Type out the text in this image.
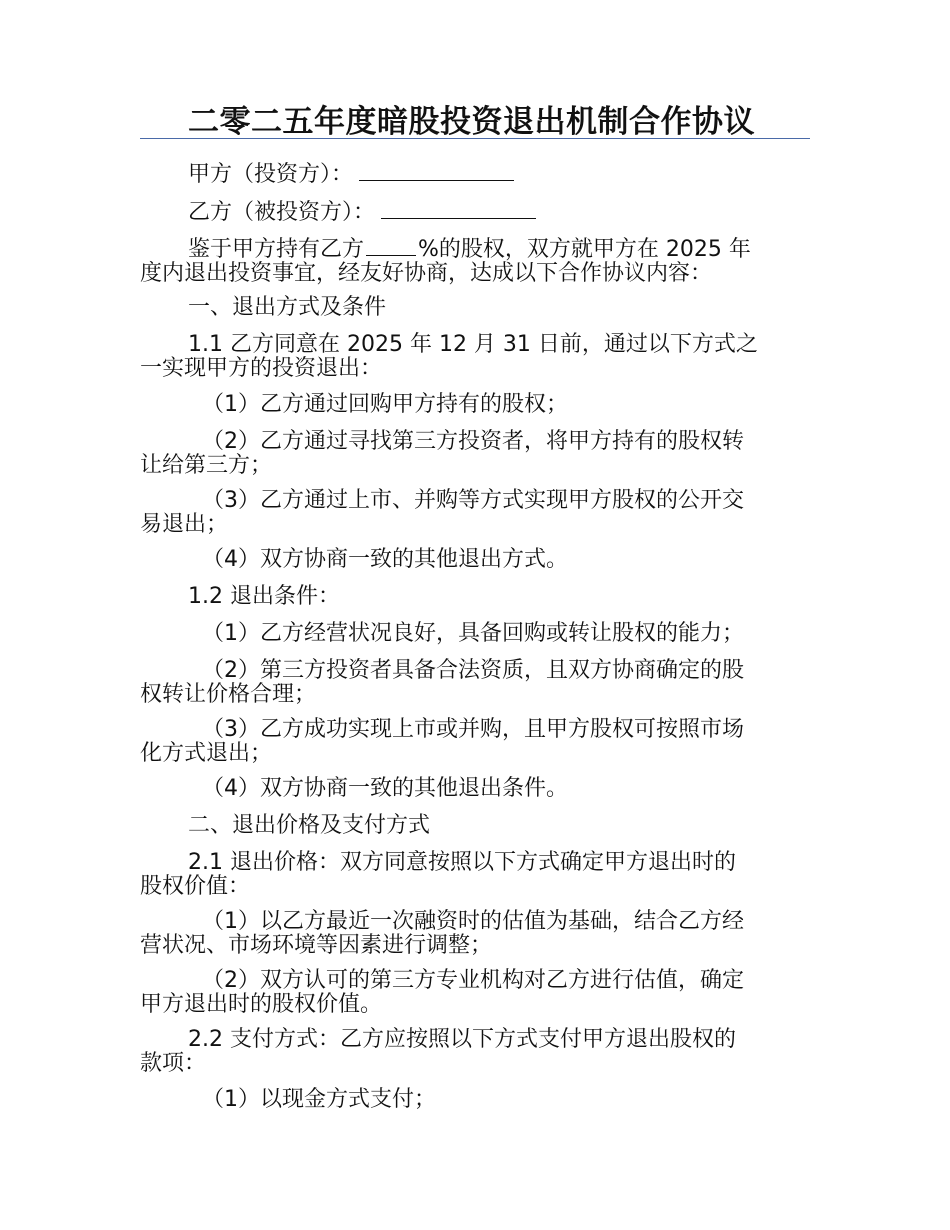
二零二五年度暗股投资退出机制合作协议
甲方（投资方）：
乙方（被投资方）：
鉴于甲方持有乙方 %的股权，双方就甲方在 2025 年
度内退出投资事宜，经友好协商，达成以下合作协议内容：
一、退出方式及条件
1.1 乙方同意在 2025 年 12 月 31 日前，通过以下方式之
一实现甲方的投资退出：
（1）乙方通过回购甲方持有的股权；
（2）乙方通过寻找第三方投资者，将甲方持有的股权转
让给第三方；
（3）乙方通过上市、并购等方式实现甲方股权的公开交
易退出；
（4）双方协商一致的其他退出方式。
1.2 退出条件：
（1）乙方经营状况良好，具备回购或转让股权的能力；
（2）第三方投资者具备合法资质，且双方协商确定的股
权转让价格合理；
（3）乙方成功实现上市或并购，且甲方股权可按照市场
化方式退出；
（4）双方协商一致的其他退出条件。
二、退出价格及支付方式
2.1 退出价格：双方同意按照以下方式确定甲方退出时的
股权价值：
（1）以乙方最近一次融资时的估值为基础，结合乙方经
营状况、市场环境等因素进行调整；
（2）双方认可的第三方专业机构对乙方进行估值，确定
甲方退出时的股权价值。
2.2 支付方式：乙方应按照以下方式支付甲方退出股权的
款项：
（1）以现金方式支付；
